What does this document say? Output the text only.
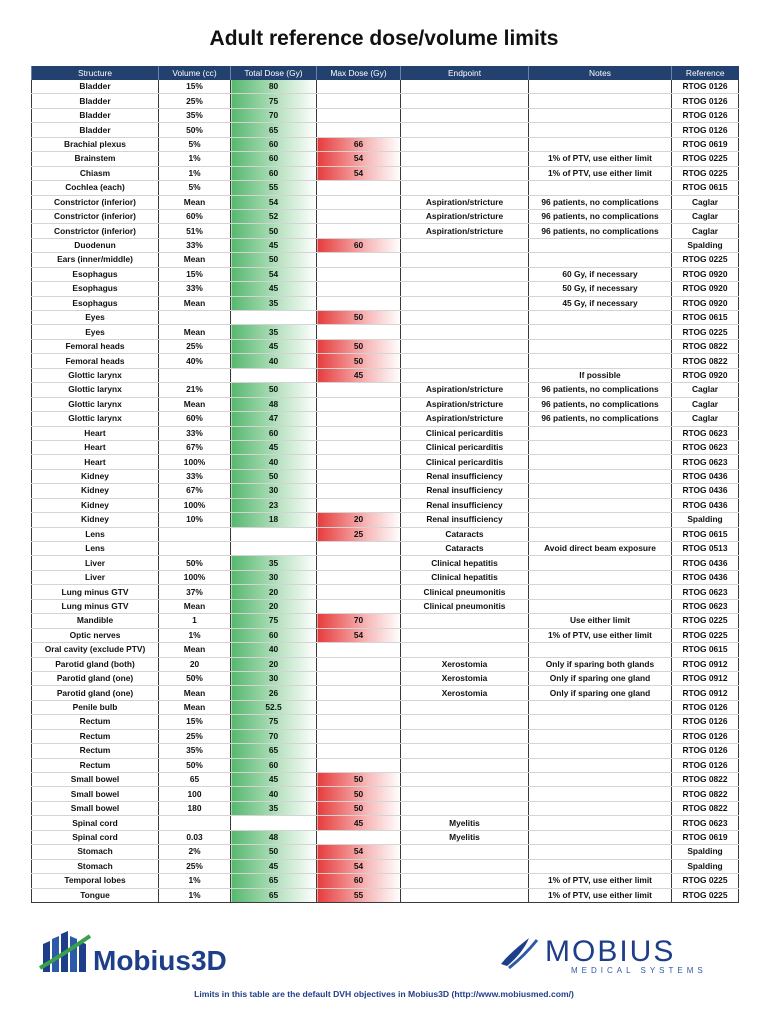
Adult reference dose/volume limits
Structure	Volume (cc)	Total Dose (Gy)	Max Dose (Gy)	Endpoint	Notes	Reference
Bladder	15%	80				RTOG 0126
Bladder	25%	75				RTOG 0126
Bladder	35%	70				RTOG 0126
Bladder	50%	65				RTOG 0126
Brachial plexus	5%	60	66			RTOG 0619
Brainstem	1%	60	54		1% of PTV, use either limit	RTOG 0225
Chiasm	1%	60	54		1% of PTV, use either limit	RTOG 0225
Cochlea (each)	5%	55				RTOG 0615
Constrictor (inferior)	Mean	54		Aspiration/stricture	96 patients, no complications	Caglar
Constrictor (inferior)	60%	52		Aspiration/stricture	96 patients, no complications	Caglar
Constrictor (inferior)	51%	50		Aspiration/stricture	96 patients, no complications	Caglar
Duodenun	33%	45	60			Spalding
Ears (inner/middle)	Mean	50				RTOG 0225
Esophagus	15%	54			60 Gy, if necessary	RTOG 0920
Esophagus	33%	45			50 Gy, if necessary	RTOG 0920
Esophagus	Mean	35			45 Gy, if necessary	RTOG 0920
Eyes			50			RTOG 0615
Eyes	Mean	35				RTOG 0225
Femoral heads	25%	45	50			RTOG 0822
Femoral heads	40%	40	50			RTOG 0822
Glottic larynx			45		If possible	RTOG 0920
Glottic larynx	21%	50		Aspiration/stricture	96 patients, no complications	Caglar
Glottic larynx	Mean	48		Aspiration/stricture	96 patients, no complications	Caglar
Glottic larynx	60%	47		Aspiration/stricture	96 patients, no complications	Caglar
Heart	33%	60		Clinical pericarditis		RTOG 0623
Heart	67%	45		Clinical pericarditis		RTOG 0623
Heart	100%	40		Clinical pericarditis		RTOG 0623
Kidney	33%	50		Renal insufficiency		RTOG 0436
Kidney	67%	30		Renal insufficiency		RTOG 0436
Kidney	100%	23		Renal insufficiency		RTOG 0436
Kidney	10%	18	20	Renal insufficiency		Spalding
Lens			25	Cataracts		RTOG 0615
Lens				Cataracts	Avoid direct beam exposure	RTOG 0513
Liver	50%	35		Clinical hepatitis		RTOG 0436
Liver	100%	30		Clinical hepatitis		RTOG 0436
Lung minus GTV	37%	20		Clinical pneumonitis		RTOG 0623
Lung minus GTV	Mean	20		Clinical pneumonitis		RTOG 0623
Mandible	1	75	70		Use either limit	RTOG 0225
Optic nerves	1%	60	54		1% of PTV, use either limit	RTOG 0225
Oral cavity (exclude PTV)	Mean	40				RTOG 0615
Parotid gland (both)	20	20		Xerostomia	Only if sparing both glands	RTOG 0912
Parotid gland (one)	50%	30		Xerostomia	Only if sparing one gland	RTOG 0912
Parotid gland (one)	Mean	26		Xerostomia	Only if sparing one gland	RTOG 0912
Penile bulb	Mean	52.5				RTOG 0126
Rectum	15%	75				RTOG 0126
Rectum	25%	70				RTOG 0126
Rectum	35%	65				RTOG 0126
Rectum	50%	60				RTOG 0126
Small bowel	65	45	50			RTOG 0822
Small bowel	100	40	50			RTOG 0822
Small bowel	180	35	50			RTOG 0822
Spinal cord			45	Myelitis		RTOG 0623
Spinal cord	0.03	48		Myelitis		RTOG 0619
Stomach	2%	50	54			Spalding
Stomach	25%	45	54			Spalding
Temporal lobes	1%	65	60		1% of PTV, use either limit	RTOG 0225
Tongue	1%	65	55		1% of PTV, use either limit	RTOG 0225
Mobius3D	MOBIUS
MEDICAL SYSTEMS
Limits in this table are the default DVH objectives in Mobius3D (http://www.mobiusmed.com/)
